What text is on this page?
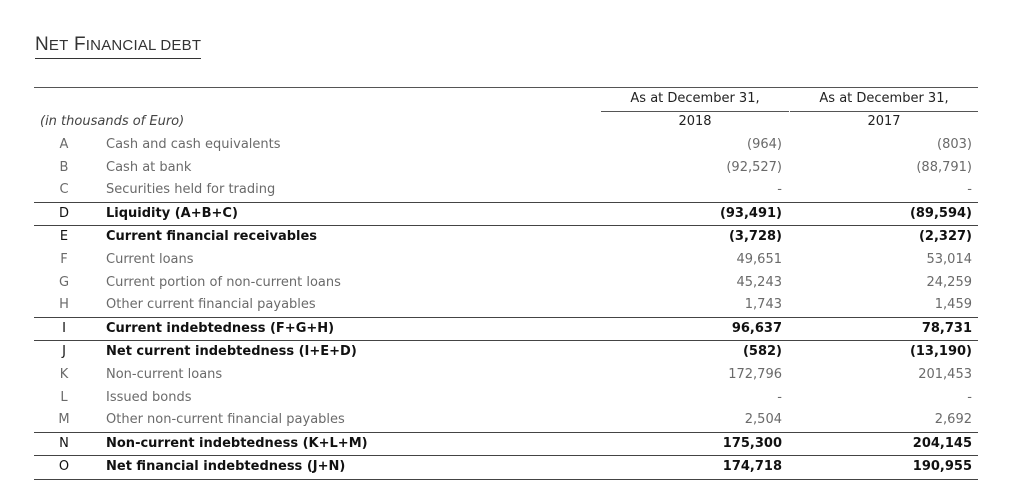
NET FINANCIAL DEBT
(in thousands of Euro)
As at December 31,
2018
As at December 31,
2017
A	Cash and cash equivalents	(964)	(803)
B	Cash at bank	(92,527)	(88,791)
C	Securities held for trading	-	-
D	Liquidity (A+B+C)	(93,491)	(89,594)
E	Current financial receivables	(3,728)	(2,327)
F	Current loans	49,651	53,014
G	Current portion of non-current loans	45,243	24,259
H	Other current financial payables	1,743	1,459
I	Current indebtedness (F+G+H)	96,637	78,731
J	Net current indebtedness (I+E+D)	(582)	(13,190)
K	Non-current loans	172,796	201,453
L	Issued bonds	-	-
M	Other non-current financial payables	2,504	2,692
N	Non-current indebtedness (K+L+M)	175,300	204,145
O	Net financial indebtedness (J+N)	174,718	190,955
